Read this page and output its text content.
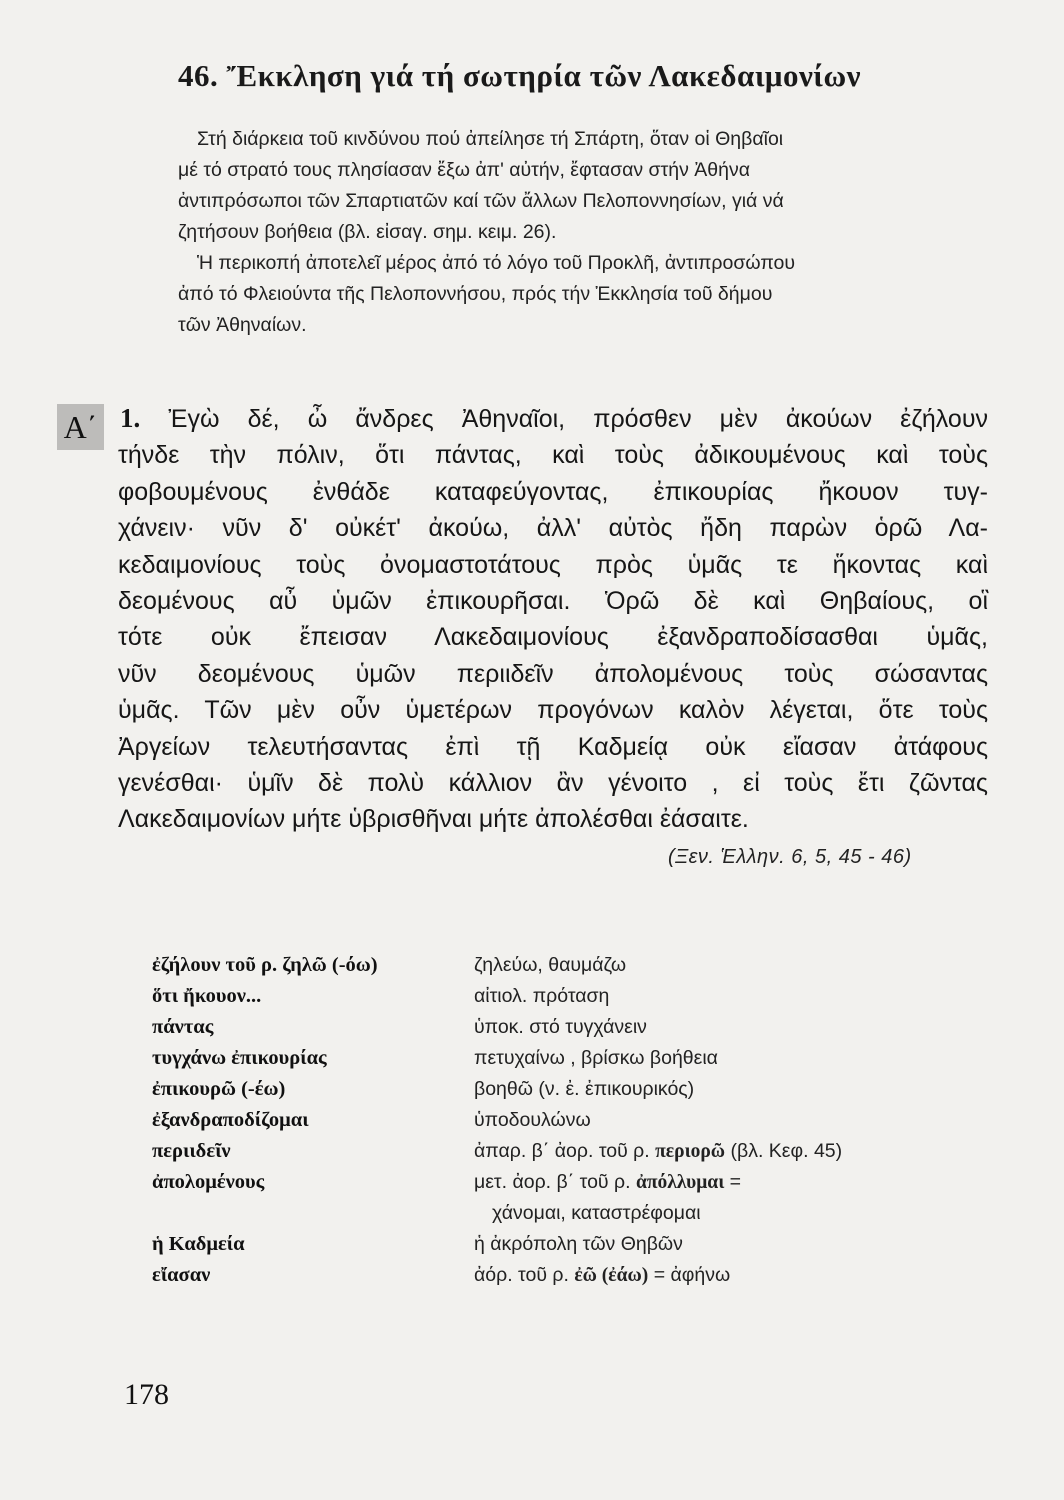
46. Ἔκκληση γιά τή σωτηρία τῶν Λακεδαιμονίων

Στή διάρκεια τοῦ κινδύνου πού ἀπείλησε τή Σπάρτη, ὅταν οἱ Θηβαῖοι
μέ τό στρατό τους πλησίασαν ἔξω ἀπ' αὐτήν, ἔφτασαν στήν Ἀθήνα
ἀντιπρόσωποι τῶν Σπαρτιατῶν καί τῶν ἄλλων Πελοποννησίων, γιά νά
ζητήσουν βοήθεια (βλ. εἰσαγ. σημ. κειμ. 26).

Ἡ περικοπή ἀποτελεῖ μέρος ἀπό τό λόγο τοῦ Προκλῆ, ἀντιπροσώπου
ἀπό τό Φλειούντα τῆς Πελοποννήσου, πρός τήν Ἐκκλησία τοῦ δήμου
τῶν Ἀθηναίων.

Α΄ 1. Ἐγὼ δέ, ὦ ἄνδρες Ἀθηναῖοι, πρόσθεν μὲν ἀκούων ἐζήλουν
τήνδε τὴν πόλιν, ὅτι πάντας, καὶ τοὺς ἀδικουμένους καὶ τοὺς
φοβουμένους ἐνθάδε καταφεύγοντας, ἐπικουρίας ἤκουον τυγ-
χάνειν· νῦν δ' οὐκέτ' ἀκούω, ἀλλ' αὐτὸς ἤδη παρὼν ὁρῶ Λα-
κεδαιμονίους τοὺς ὀνομαστοτάτους πρὸς ὑμᾶς τε ἥκοντας καὶ
δεομένους αὖ ὑμῶν ἐπικουρῆσαι. Ὁρῶ δὲ καὶ Θηβαίους, οἳ
τότε οὐκ ἔπεισαν Λακεδαιμονίους ἐξανδραποδίσασθαι ὑμᾶς,
νῦν δεομένους ὑμῶν περιιδεῖν ἀπολομένους τοὺς σώσαντας
ὑμᾶς. Τῶν μὲν οὖν ὑμετέρων προγόνων καλὸν λέγεται, ὅτε τοὺς
Ἀργείων τελευτήσαντας ἐπὶ τῇ Καδμείᾳ οὐκ εἴασαν ἀτάφους
γενέσθαι· ὑμῖν δὲ πολὺ κάλλιον ἂν γένοιτο , εἰ τοὺς ἔτι ζῶντας
Λακεδαιμονίων μήτε ὑβρισθῆναι μήτε ἀπολέσθαι ἐάσαιτε.
(Ξεν. Ἑλλην. 6, 5, 45 - 46)
ἐζήλουν τοῦ ρ. ζηλῶ (-όω)	ζηλεύω, θαυμάζω
ὅτι ἤκουον...	αἰτιολ. πρόταση
πάντας	ὑποκ. στό τυγχάνειν
τυγχάνω ἐπικουρίας	πετυχαίνω , βρίσκω βοήθεια
ἐπικουρῶ (-έω)	βοηθῶ (ν. ἐ. ἐπικουρικός)
ἐξανδραποδίζομαι	ὑποδουλώνω
περιιδεῖν	ἀπαρ. β΄ ἀορ. τοῦ ρ. περιορῶ (βλ. Κεφ. 45)
ἀπολομένους	μετ. ἀορ. β΄ τοῦ ρ. ἀπόλλυμαι =
χάνομαι, καταστρέφομαι
ἡ Καδμεία	ἡ ἀκρόπολη τῶν Θηβῶν
εἴασαν	ἀόρ. τοῦ ρ. ἐῶ (ἐάω) = ἀφήνω
178
